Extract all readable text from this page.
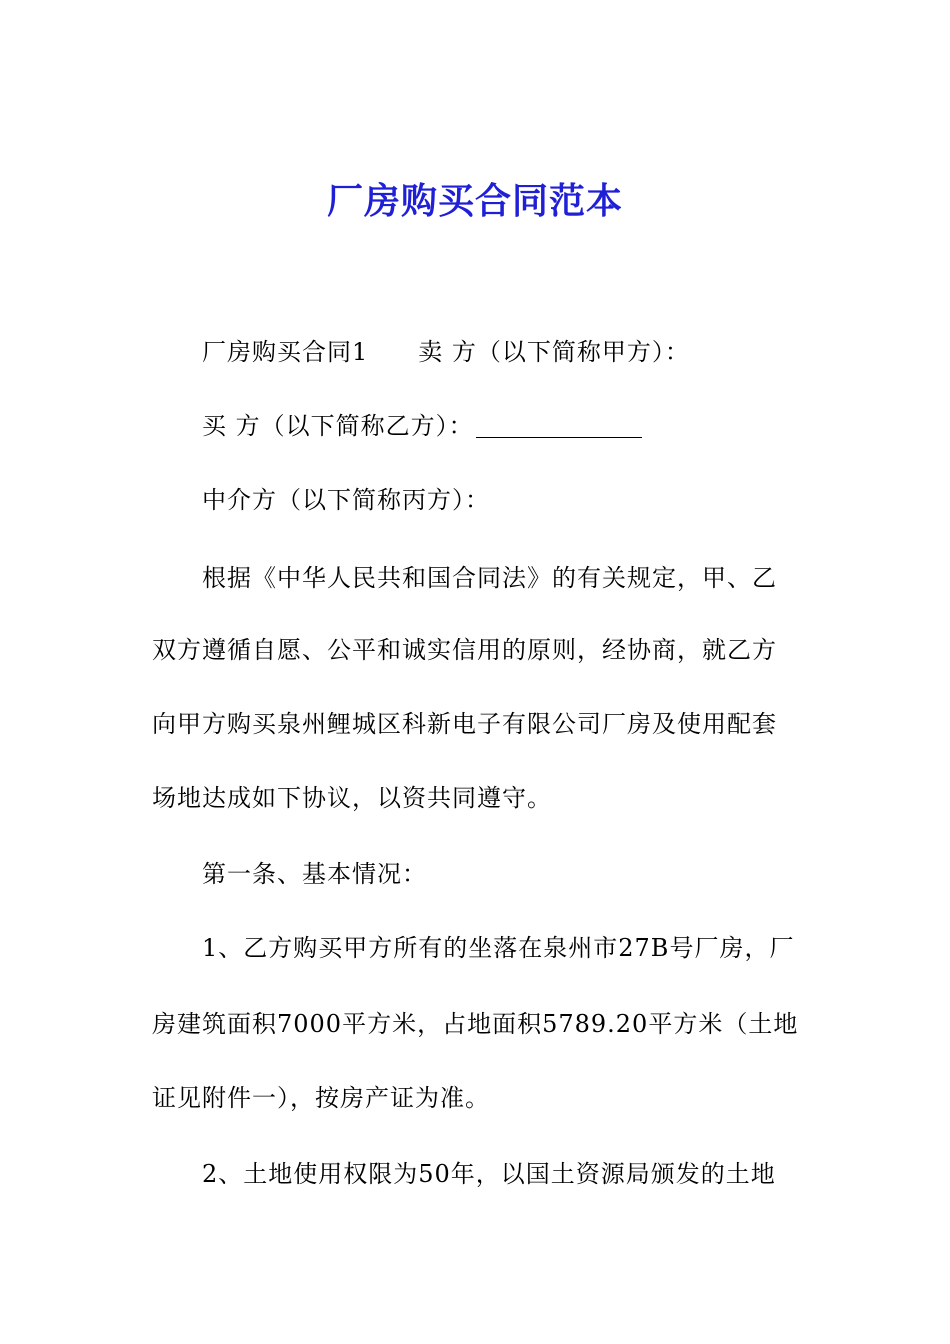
厂房购买合同范本
厂房购买合同1 卖 方（以下简称甲方）：
买 方（以下简称乙方）：
中介方（以下简称丙方）：
根据《中华人民共和国合同法》的有关规定，甲、乙
双方遵循自愿、公平和诚实信用的原则，经协商，就乙方
向甲方购买泉州鲤城区科新电子有限公司厂房及使用配套
场地达成如下协议，以资共同遵守。
第一条、基本情况：
1、乙方购买甲方所有的坐落在泉州市27B号厂房，厂
房建筑面积7000平方米，占地面积5789.20平方米（土地
证见附件一），按房产证为准。
2、土地使用权限为50年，以国土资源局颁发的土地
